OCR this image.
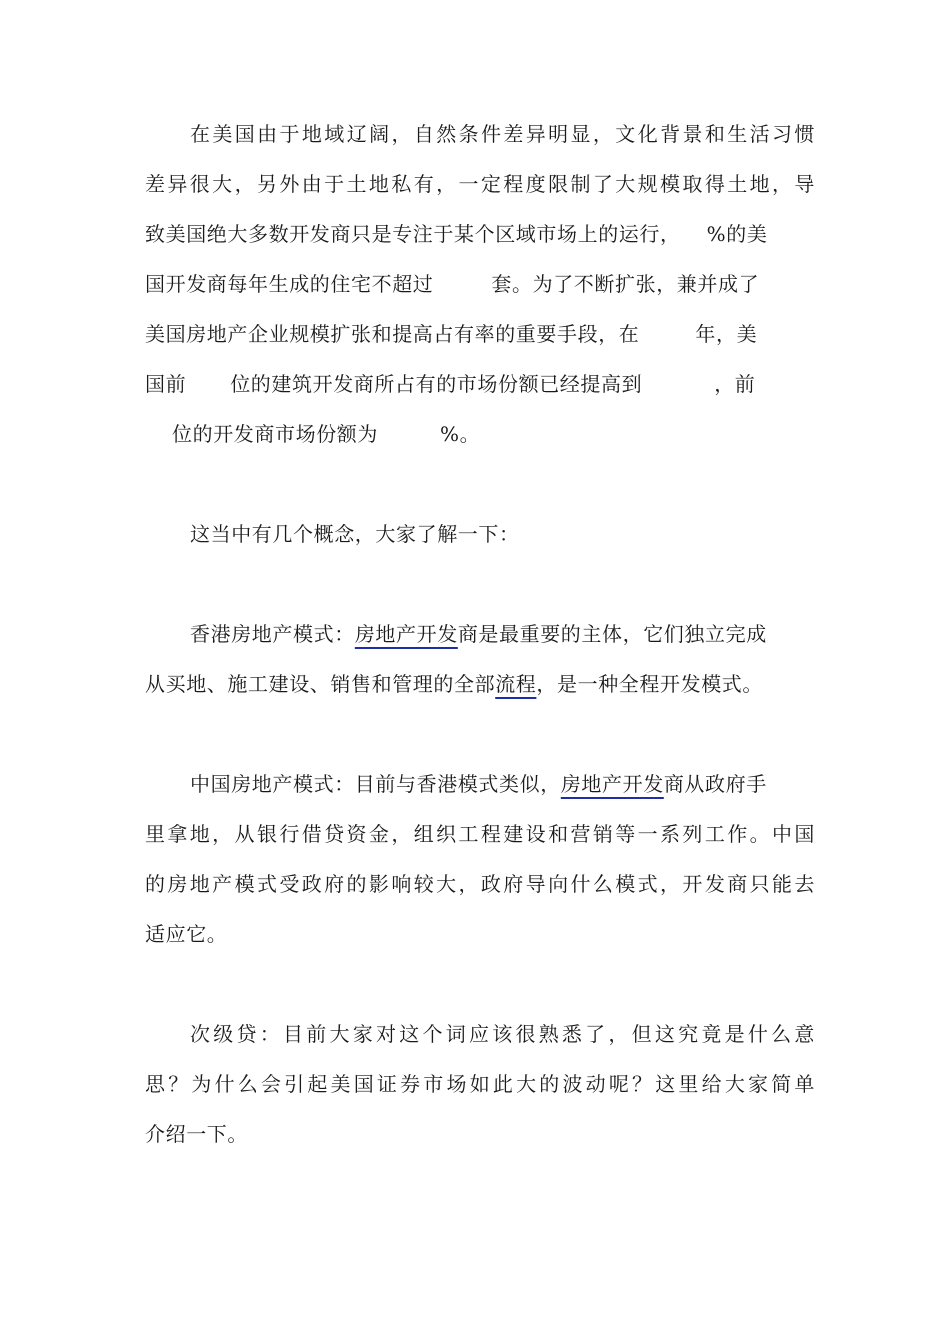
在美国由于地域辽阔，自然条件差异明显，文化背景和生活习惯
差异很大，另外由于土地私有，一定程度限制了大规模取得土地，导
致美国绝大多数开发商只是专注于某个区域市场上的运行， %的美
国开发商每年生成的住宅不超过	套。为了不断扩张，兼并成了
美国房地产企业规模扩张和提高占有率的重要手段，在	年，美
国前 位的建筑开发商所占有的市场份额已经提高到	，前
位的开发商市场份额为	%。
这当中有几个概念，大家了解一下：
香港房地产模式：房地产开发商是最重要的主体，它们独立完成
从买地、施工建设、销售和管理的全部流程，是一种全程开发模式。
中国房地产模式：目前与香港模式类似，房地产开发商从政府手
里拿地，从银行借贷资金，组织工程建设和营销等一系列工作。中国
的房地产模式受政府的影响较大，政府导向什么模式，开发商只能去
适应它。
次级贷：目前大家对这个词应该很熟悉了，但这究竟是什么意
思？为什么会引起美国证券市场如此大的波动呢？这里给大家简单
介绍一下。
